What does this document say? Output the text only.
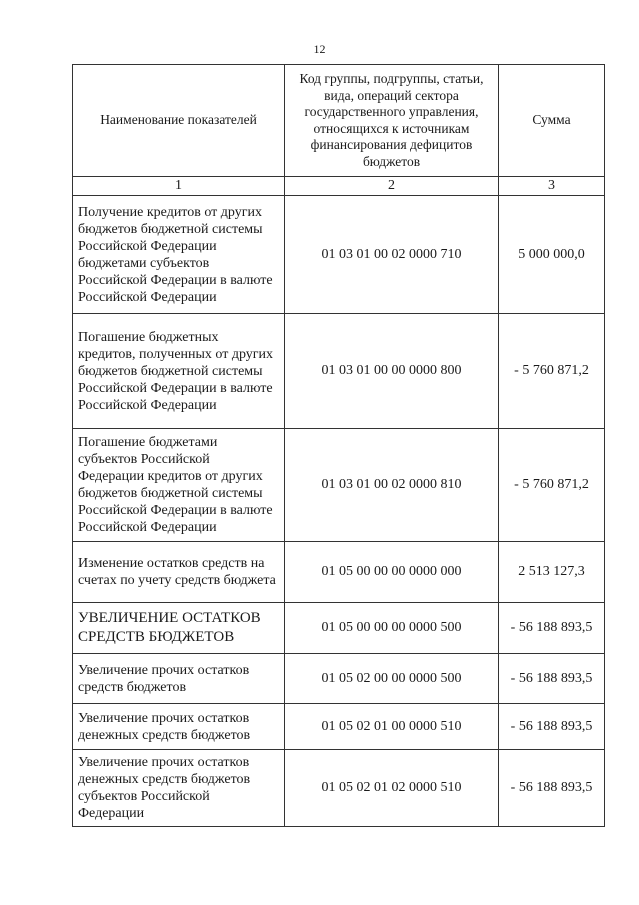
12
Наименование показателей	Код группы, подгруппы, статьи, вида, операций сектора государственного управления, относящихся к источникам финансирования дефицитов бюджетов	Сумма
1	2	3
Получение кредитов от других бюджетов бюджетной системы Российской Федерации бюджетами субъектов Российской Федерации в валюте Российской Федерации	01 03 01 00 02 0000 710	5 000 000,0
Погашение бюджетных кредитов, полученных от других бюджетов бюджетной системы Российской Федерации в валюте Российской Федерации	01 03 01 00 00 0000 800	- 5 760 871,2
Погашение бюджетами субъектов Российской Федерации кредитов от других бюджетов бюджетной системы Российской Федерации в валюте Российской Федерации	01 03 01 00 02 0000 810	- 5 760 871,2
Изменение остатков средств на счетах по учету средств бюджета	01 05 00 00 00 0000 000	2 513 127,3
УВЕЛИЧЕНИЕ ОСТАТКОВ СРЕДСТВ БЮДЖЕТОВ	01 05 00 00 00 0000 500	- 56 188 893,5
Увеличение прочих остатков средств бюджетов	01 05 02 00 00 0000 500	- 56 188 893,5
Увеличение прочих остатков денежных средств бюджетов	01 05 02 01 00 0000 510	- 56 188 893,5
Увеличение прочих остатков денежных средств бюджетов субъектов Российской Федерации	01 05 02 01 02 0000 510	- 56 188 893,5
